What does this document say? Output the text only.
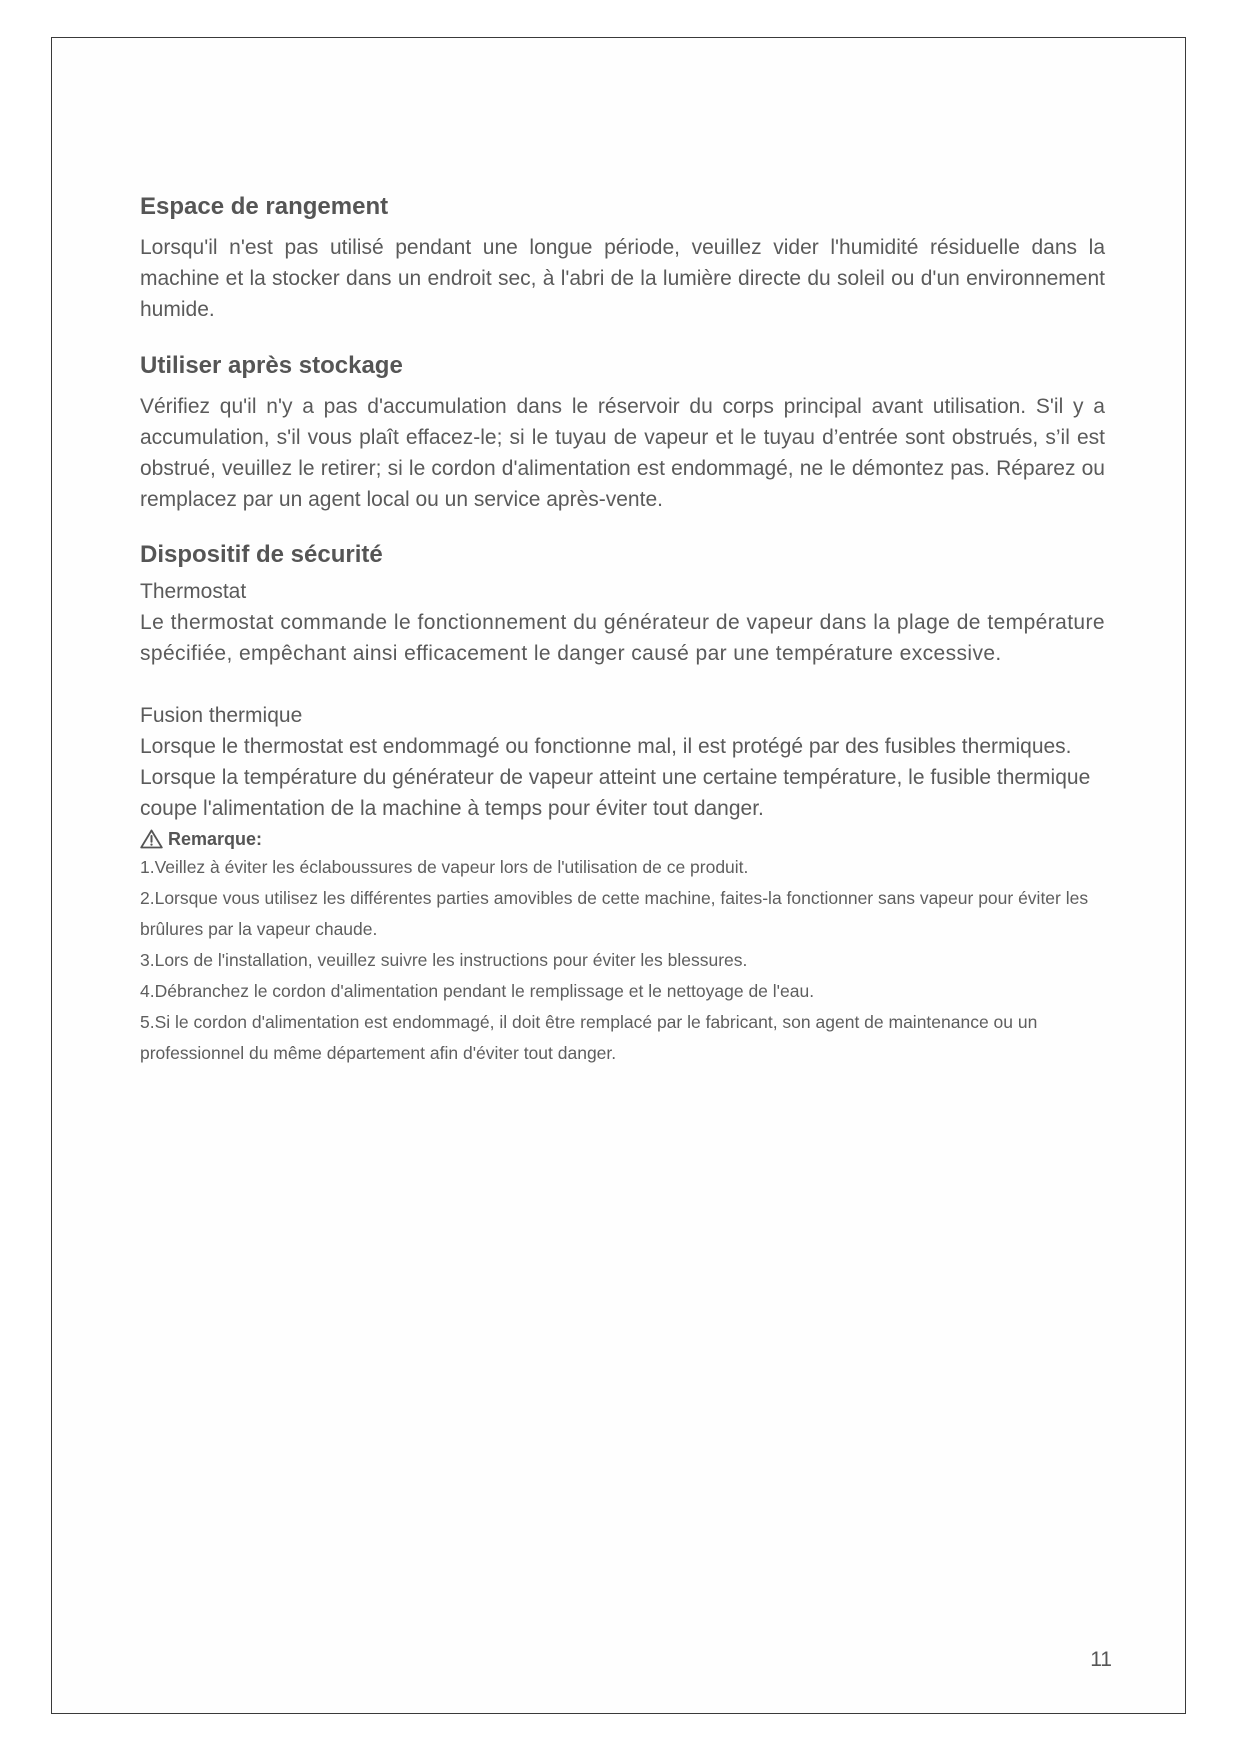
Espace de rangement

Lorsqu'il n'est pas utilisé pendant une longue période, veuillez vider l'humidité résiduelle dans la machine et la stocker dans un endroit sec, à l'abri de la lumière directe du soleil ou d'un environnement humide.

Utiliser après stockage

Vérifiez qu'il n'y a pas d'accumulation dans le réservoir du corps principal avant utilisation. S'il y a accumulation, s'il vous plaît effacez-le; si le tuyau de vapeur et le tuyau d’entrée sont obstrués, s’il est obstrué, veuillez le retirer; si le cordon d'alimentation est endommagé, ne le démontez pas. Réparez ou remplacez par un agent local ou un service après-vente.

Dispositif de sécurité

Thermostat

Le thermostat commande le fonctionnement du générateur de vapeur dans la plage de température spécifiée, empêchant ainsi efficacement le danger causé par une température excessive.

Fusion thermique

Lorsque le thermostat est endommagé ou fonctionne mal, il est protégé par des fusibles thermiques. Lorsque la température du générateur de vapeur atteint une certaine température, le fusible thermique coupe l'alimentation de la machine à temps pour éviter tout danger.

Remarque:
1.Veillez à éviter les éclaboussures de vapeur lors de l'utilisation de ce produit.
2.Lorsque vous utilisez les différentes parties amovibles de cette machine, faites-la fonctionner sans vapeur pour éviter les brûlures par la vapeur chaude.
3.Lors de l'installation, veuillez suivre les instructions pour éviter les blessures.
4.Débranchez le cordon d'alimentation pendant le remplissage et le nettoyage de l'eau.
5.Si le cordon d'alimentation est endommagé, il doit être remplacé par le fabricant, son agent de maintenance ou un professionnel du même département afin d'éviter tout danger.
11
